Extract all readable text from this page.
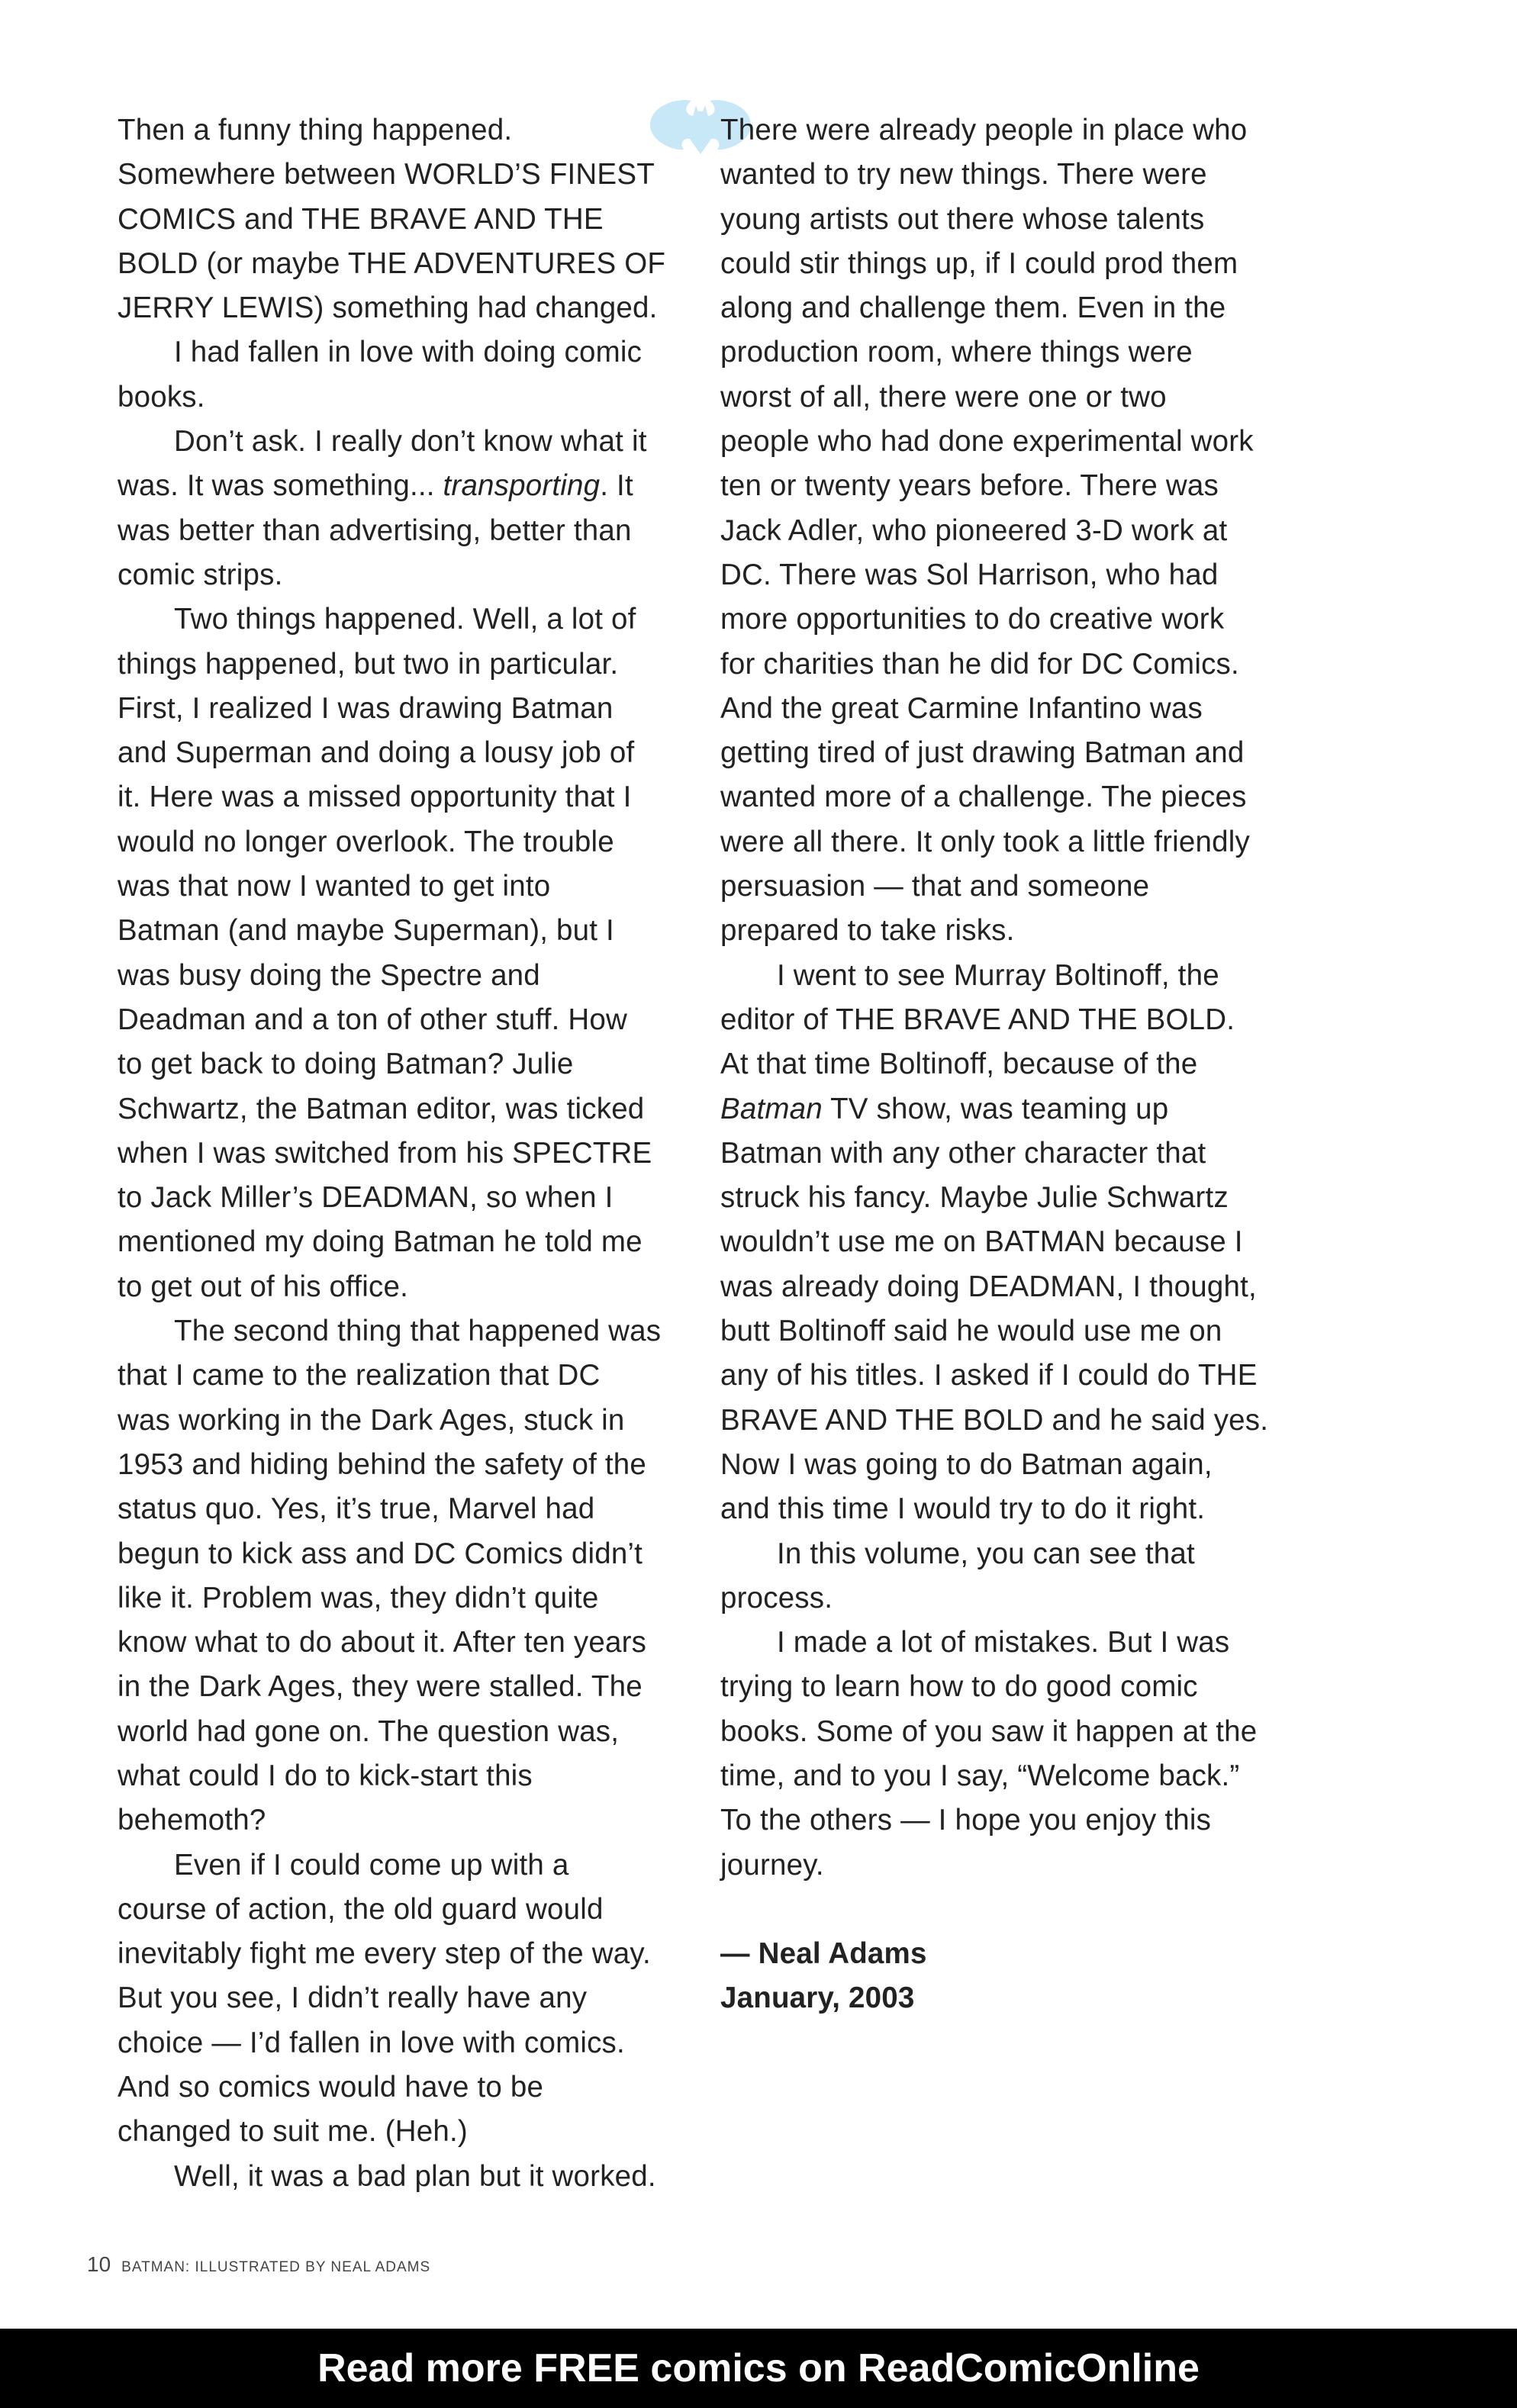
Then a funny thing happened.

Somewhere between WORLD’S FINEST

COMICS and THE BRAVE AND THE

BOLD (or maybe THE ADVENTURES OF

JERRY LEWIS) something had changed.

I had fallen in love with doing comic

books.

Don’t ask. I really don’t know what it

was. It was something... transporting. It

was better than advertising, better than

comic strips.

Two things happened. Well, a lot of

things happened, but two in particular.

First, I realized I was drawing Batman

and Superman and doing a lousy job of

it. Here was a missed opportunity that I

would no longer overlook. The trouble

was that now I wanted to get into

Batman (and maybe Superman), but I

was busy doing the Spectre and

Deadman and a ton of other stuff. How

to get back to doing Batman? Julie

Schwartz, the Batman editor, was ticked

when I was switched from his SPECTRE

to Jack Miller’s DEADMAN, so when I

mentioned my doing Batman he told me

to get out of his office.

The second thing that happened was

that I came to the realization that DC

was working in the Dark Ages, stuck in

1953 and hiding behind the safety of the

status quo. Yes, it’s true, Marvel had

begun to kick ass and DC Comics didn’t

like it. Problem was, they didn’t quite

know what to do about it. After ten years

in the Dark Ages, they were stalled. The

world had gone on. The question was,

what could I do to kick-start this

behemoth?

Even if I could come up with a

course of action, the old guard would

inevitably fight me every step of the way.

But you see, I didn’t really have any

choice — I’d fallen in love with comics.

And so comics would have to be

changed to suit me. (Heh.)

Well, it was a bad plan but it worked.

There were already people in place who

wanted to try new things. There were

young artists out there whose talents

could stir things up, if I could prod them

along and challenge them. Even in the

production room, where things were

worst of all, there were one or two

people who had done experimental work

ten or twenty years before. There was

Jack Adler, who pioneered 3-D work at

DC. There was Sol Harrison, who had

more opportunities to do creative work

for charities than he did for DC Comics.

And the great Carmine Infantino was

getting tired of just drawing Batman and

wanted more of a challenge. The pieces

were all there. It only took a little friendly

persuasion — that and someone

prepared to take risks.

I went to see Murray Boltinoff, the

editor of THE BRAVE AND THE BOLD.

At that time Boltinoff, because of the

Batman TV show, was teaming up

Batman with any other character that

struck his fancy. Maybe Julie Schwartz

wouldn’t use me on BATMAN because I

was already doing DEADMAN, I thought,

butt Boltinoff said he would use me on

any of his titles. I asked if I could do THE

BRAVE AND THE BOLD and he said yes.

Now I was going to do Batman again,

and this time I would try to do it right.

In this volume, you can see that

process.

I made a lot of mistakes. But I was

trying to learn how to do good comic

books. Some of you saw it happen at the

time, and to you I say, “Welcome back.”

To the others — I hope you enjoy this

journey.

— Neal Adams

January, 2003

10 BATMAN: ILLUSTRATED BY NEAL ADAMS
Read more FREE comics on ReadComicOnline
